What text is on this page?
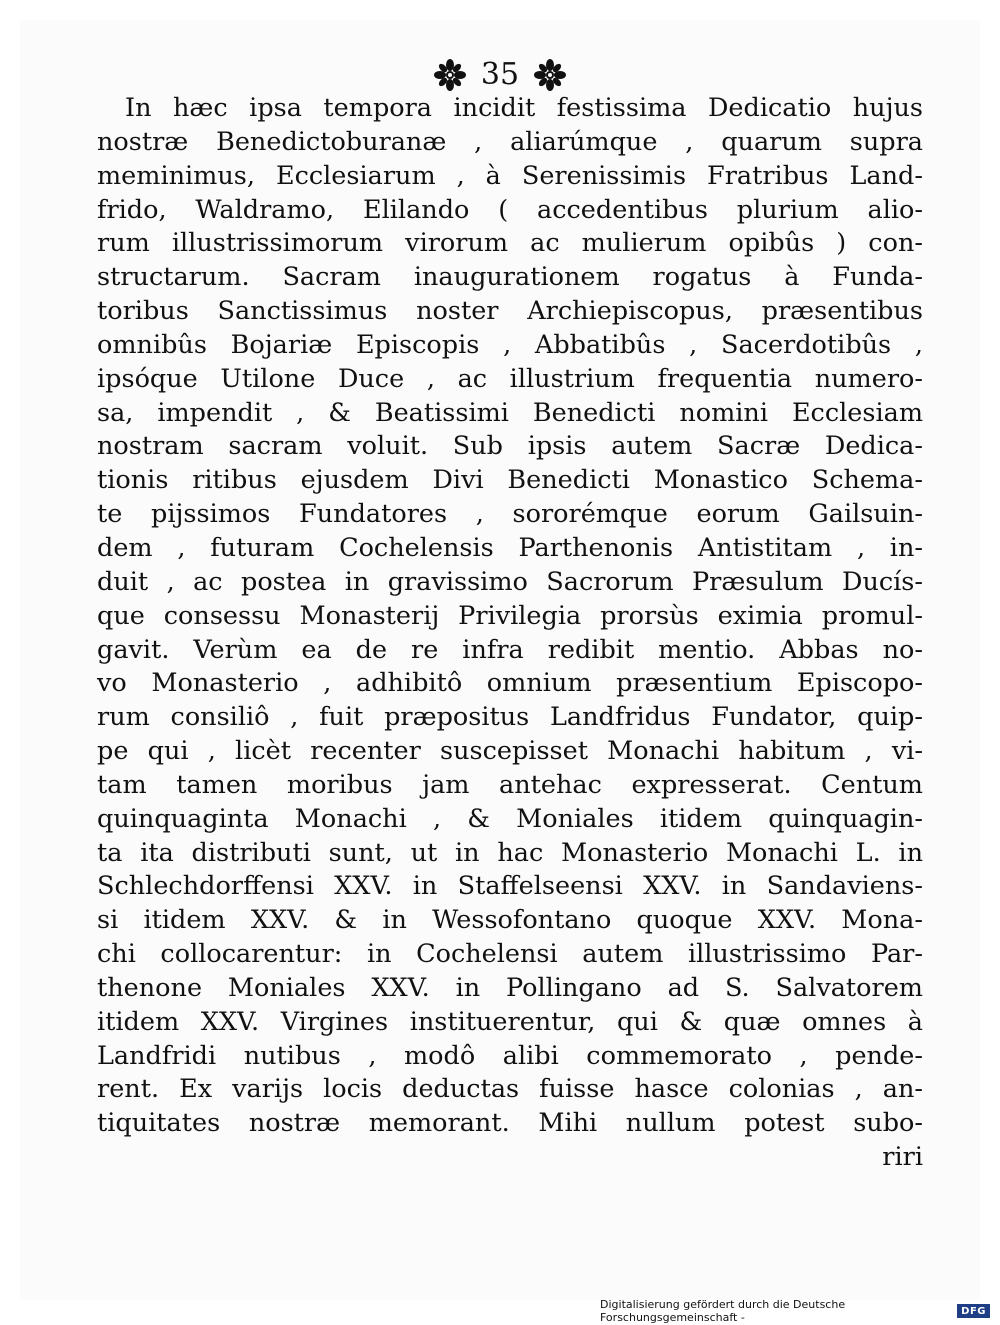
35
In hæc ipsa tempora incidit festissima Dedicatio hujus
nostræ Benedictoburanæ , aliarúmque , quarum supra
meminimus, Ecclesiarum , à Serenissimis Fratribus Land-
frido, Waldramo, Elilando ( accedentibus plurium alio-
rum illustrissimorum virorum ac mulierum opibûs ) con-
structarum. Sacram inaugurationem rogatus à Funda-
toribus Sanctissimus noster Archiepiscopus, præsentibus
omnibûs Bojariæ Episcopis , Abbatibûs , Sacerdotibûs ,
ipsóque Utilone Duce , ac illustrium frequentia numero-
sa, impendit , & Beatissimi Benedicti nomini Ecclesiam
nostram sacram voluit. Sub ipsis autem Sacræ Dedica-
tionis ritibus ejusdem Divi Benedicti Monastico Schema-
te pijssimos Fundatores , sororémque eorum Gailsuin-
dem , futuram Cochelensis Parthenonis Antistitam , in-
duit , ac postea in gravissimo Sacrorum Præsulum Ducís-
que consessu Monasterij Privilegia prorsùs eximia promul-
gavit. Verùm ea de re infra redibit mentio. Abbas no-
vo Monasterio , adhibitô omnium præsentium Episcopo-
rum consiliô , fuit præpositus Landfridus Fundator, quip-
pe qui , licèt recenter suscepisset Monachi habitum , vi-
tam tamen moribus jam antehac expresserat. Centum
quinquaginta Monachi , & Moniales itidem quinquagin-
ta ita distributi sunt, ut in hac Monasterio Monachi L. in
Schlechdorffensi XXV. in Staffelseensi XXV. in Sandaviens-
si itidem XXV. & in Wessofontano quoque XXV. Mona-
chi collocarentur: in Cochelensi autem illustrissimo Par-
thenone Moniales XXV. in Pollingano ad S. Salvatorem
itidem XXV. Virgines instituerentur, qui & quæ omnes à
Landfridi nutibus , modô alibi commemorato , pende-
rent. Ex varijs locis deductas fuisse hasce colonias , an-
tiquitates nostræ memorant. Mihi nullum potest subo-
riri
Digitalisierung gefördert durch die Deutsche Forschungsgemeinschaft -	DFG
